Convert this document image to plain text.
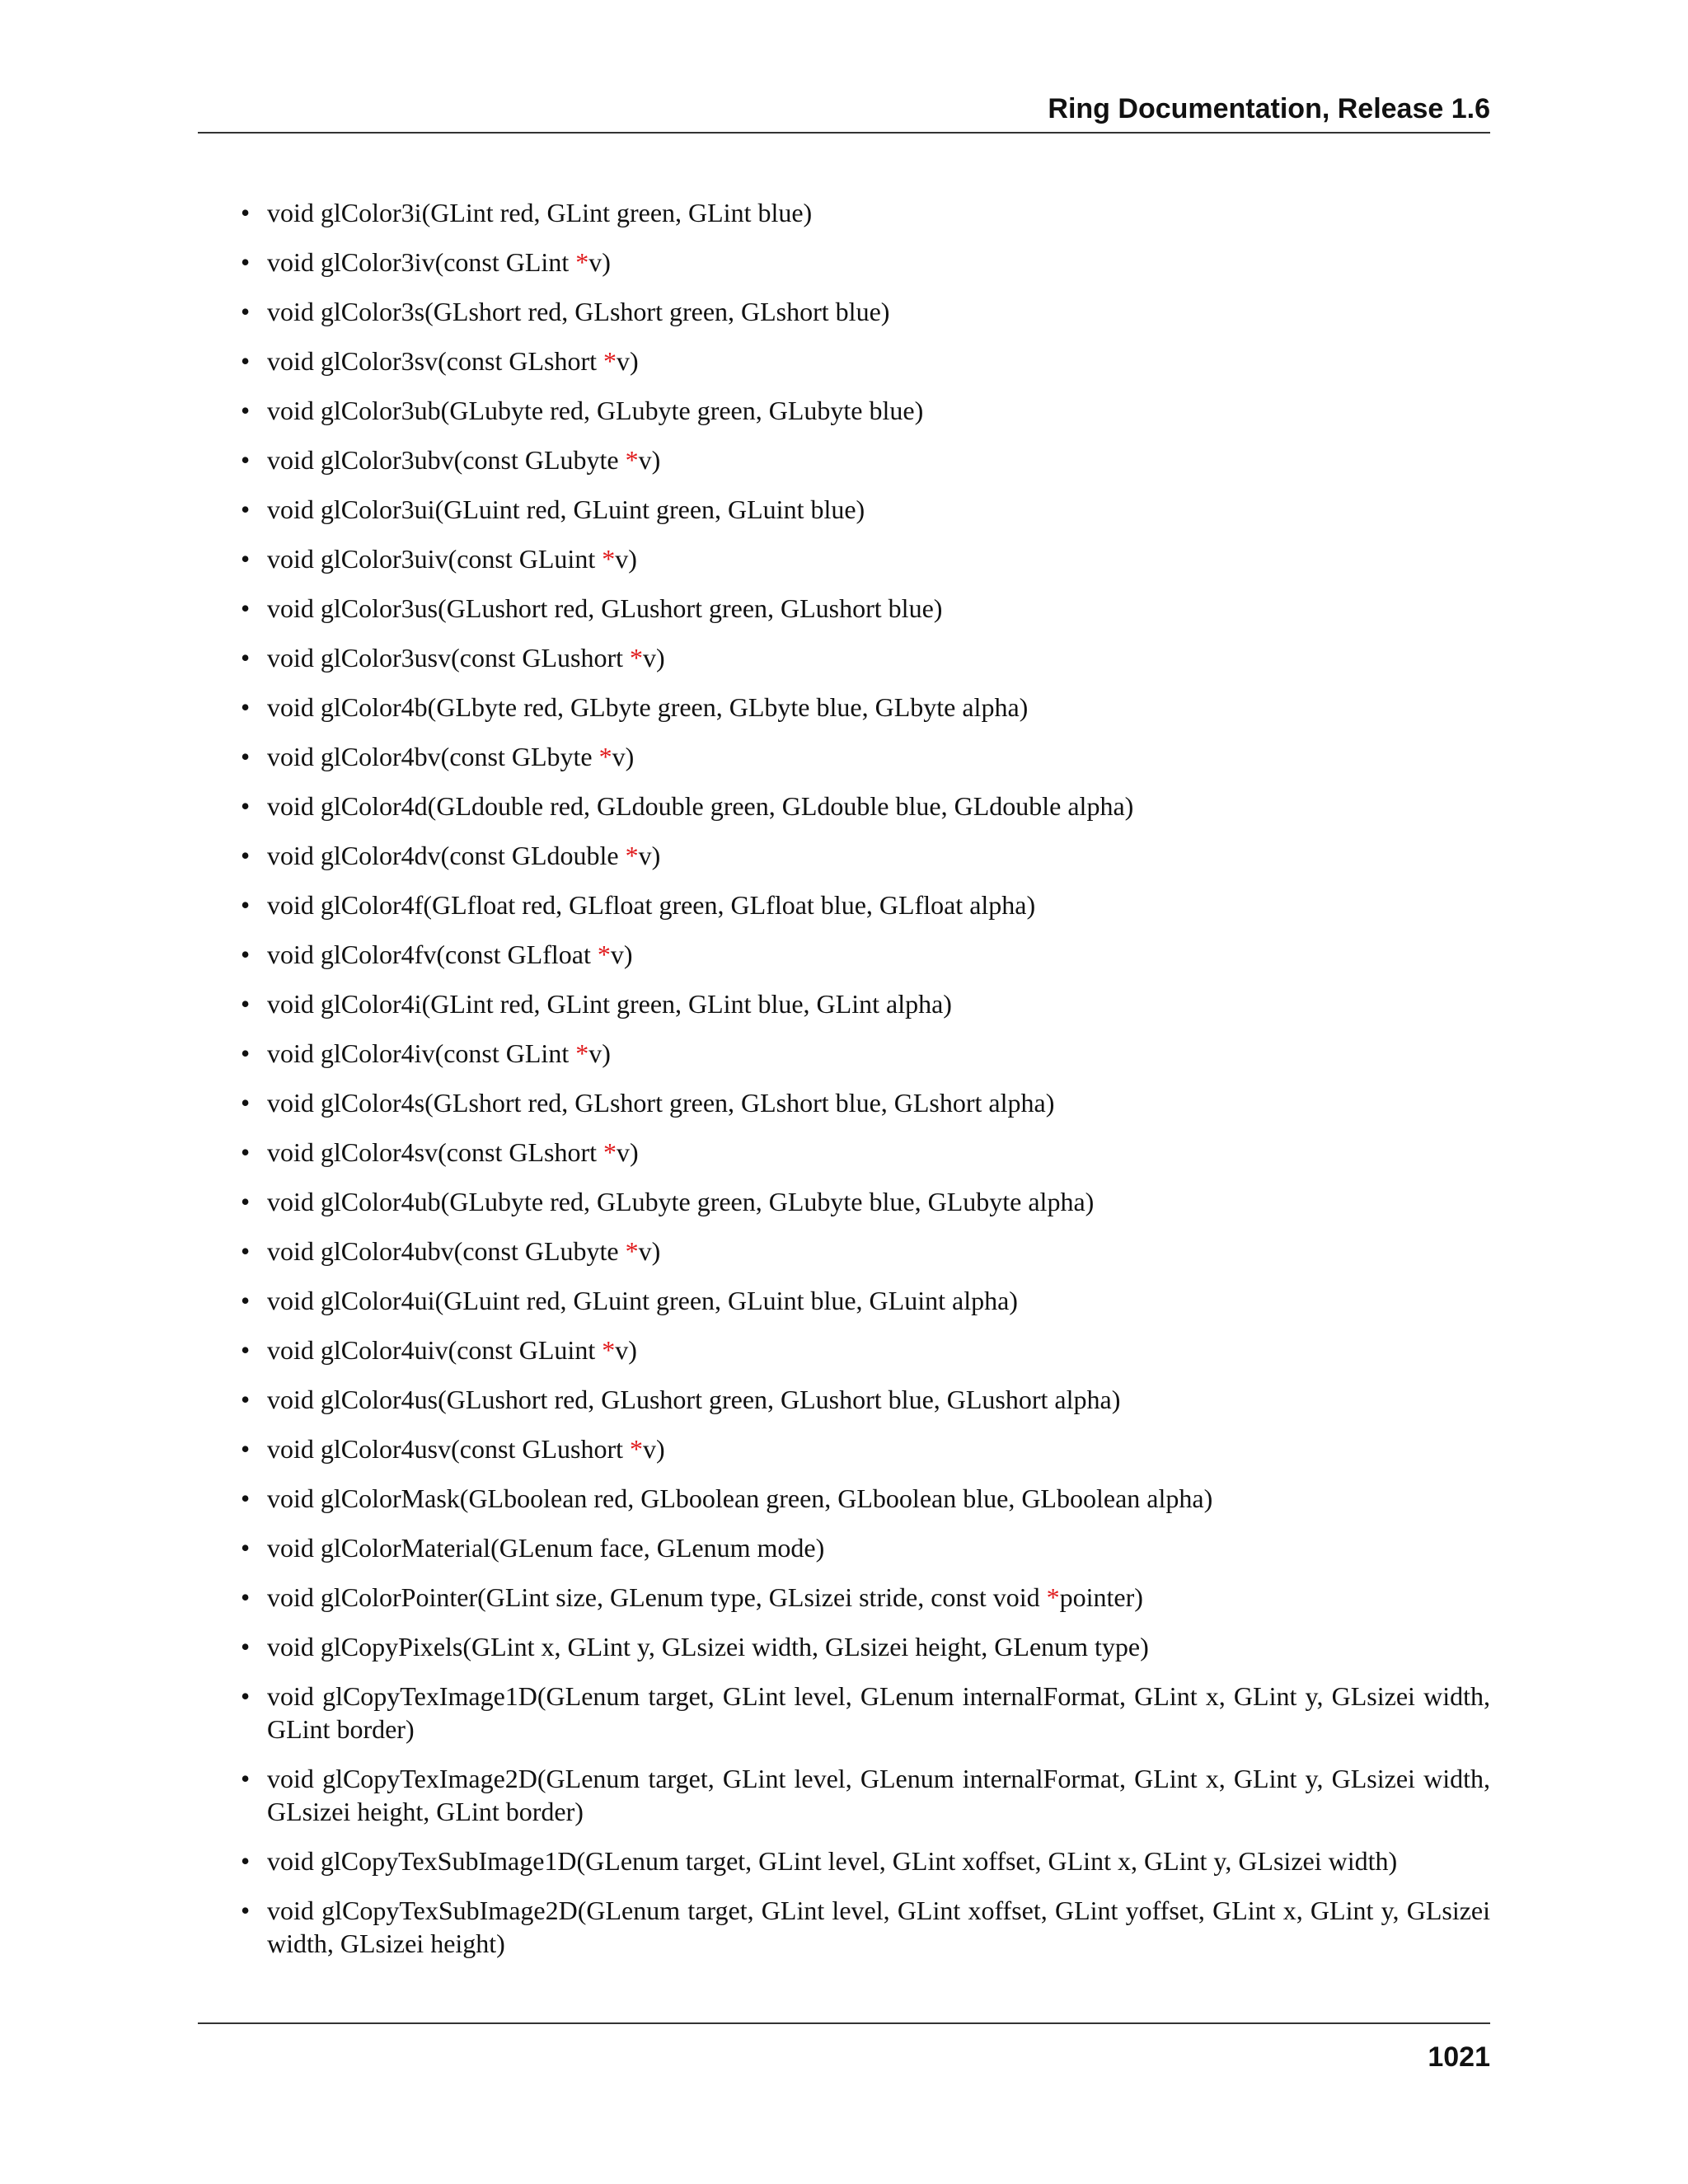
Ring Documentation, Release 1.6
• void glColor3i(GLint red, GLint green, GLint blue)
• void glColor3iv(const GLint *v)
• void glColor3s(GLshort red, GLshort green, GLshort blue)
• void glColor3sv(const GLshort *v)
• void glColor3ub(GLubyte red, GLubyte green, GLubyte blue)
• void glColor3ubv(const GLubyte *v)
• void glColor3ui(GLuint red, GLuint green, GLuint blue)
• void glColor3uiv(const GLuint *v)
• void glColor3us(GLushort red, GLushort green, GLushort blue)
• void glColor3usv(const GLushort *v)
• void glColor4b(GLbyte red, GLbyte green, GLbyte blue, GLbyte alpha)
• void glColor4bv(const GLbyte *v)
• void glColor4d(GLdouble red, GLdouble green, GLdouble blue, GLdouble alpha)
• void glColor4dv(const GLdouble *v)
• void glColor4f(GLfloat red, GLfloat green, GLfloat blue, GLfloat alpha)
• void glColor4fv(const GLfloat *v)
• void glColor4i(GLint red, GLint green, GLint blue, GLint alpha)
• void glColor4iv(const GLint *v)
• void glColor4s(GLshort red, GLshort green, GLshort blue, GLshort alpha)
• void glColor4sv(const GLshort *v)
• void glColor4ub(GLubyte red, GLubyte green, GLubyte blue, GLubyte alpha)
• void glColor4ubv(const GLubyte *v)
• void glColor4ui(GLuint red, GLuint green, GLuint blue, GLuint alpha)
• void glColor4uiv(const GLuint *v)
• void glColor4us(GLushort red, GLushort green, GLushort blue, GLushort alpha)
• void glColor4usv(const GLushort *v)
• void glColorMask(GLboolean red, GLboolean green, GLboolean blue, GLboolean alpha)
• void glColorMaterial(GLenum face, GLenum mode)
• void glColorPointer(GLint size, GLenum type, GLsizei stride, const void *pointer)
• void glCopyPixels(GLint x, GLint y, GLsizei width, GLsizei height, GLenum type)
• void glCopyTexImage1D(GLenum target, GLint level, GLenum internalFormat, GLint x, GLint y, GLsizei width, GLint border)
• void glCopyTexImage2D(GLenum target, GLint level, GLenum internalFormat, GLint x, GLint y, GLsizei width, GLsizei height, GLint border)
• void glCopyTexSubImage1D(GLenum target, GLint level, GLint xoffset, GLint x, GLint y, GLsizei width)
• void glCopyTexSubImage2D(GLenum target, GLint level, GLint xoffset, GLint yoffset, GLint x, GLint y, GLsizei width, GLsizei height)
1021
